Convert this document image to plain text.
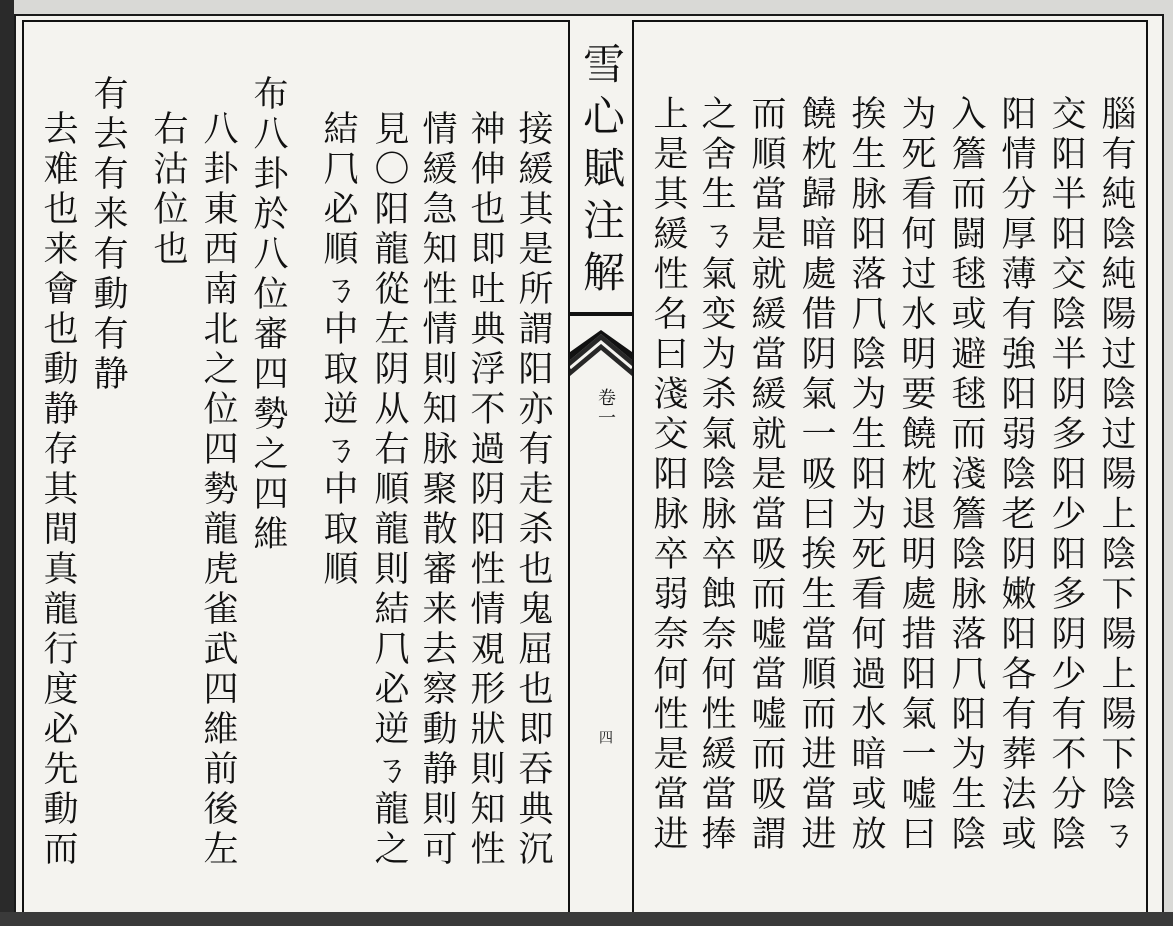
接緩其是所謂阳亦有走杀也鬼屈也即吞典沉
神伸也即吐典浮不過阴阳性情覌形狀則知性
情緩急知性情則知脉聚散審来去察動静則可
見〇阳龍從左阴从右順龍則結𠘨必逆ㄋ龍之
結𠘨必順ㄋ中取逆ㄋ中取順
布八卦於八位審四勢之四維
八卦東西南北之位四勢龍虎雀武四維前後左
右沽位也
有去有来有動有静
去难也来會也動静存其間真龍行度必先動而	雪心賦注解
卷一
四	腦有純陰純陽过陰过陽上陰下陽上陽下陰ㄋ
交阳半阳交陰半阴多阳少阳多阴少有不分陰
阳情分厚薄有強阳弱陰老阴嫩阳各有葬法或
入簷而闘毬或避毬而淺簷陰脉落𠘨阳为生陰
为死看何过水明要饒枕退明處措阳氣一嘘曰
挨生脉阳落𠘨陰为生阳为死看何過水暗或放
饒枕歸暗處借阴氣一吸曰挨生當順而进當进
而順當是就緩當緩就是當吸而嘘當嘘而吸謂
之舍生ㄋ氣变为杀氣陰脉卒蝕奈何性緩當捧
上是其緩性名曰淺交阳脉卒弱奈何性是當进
